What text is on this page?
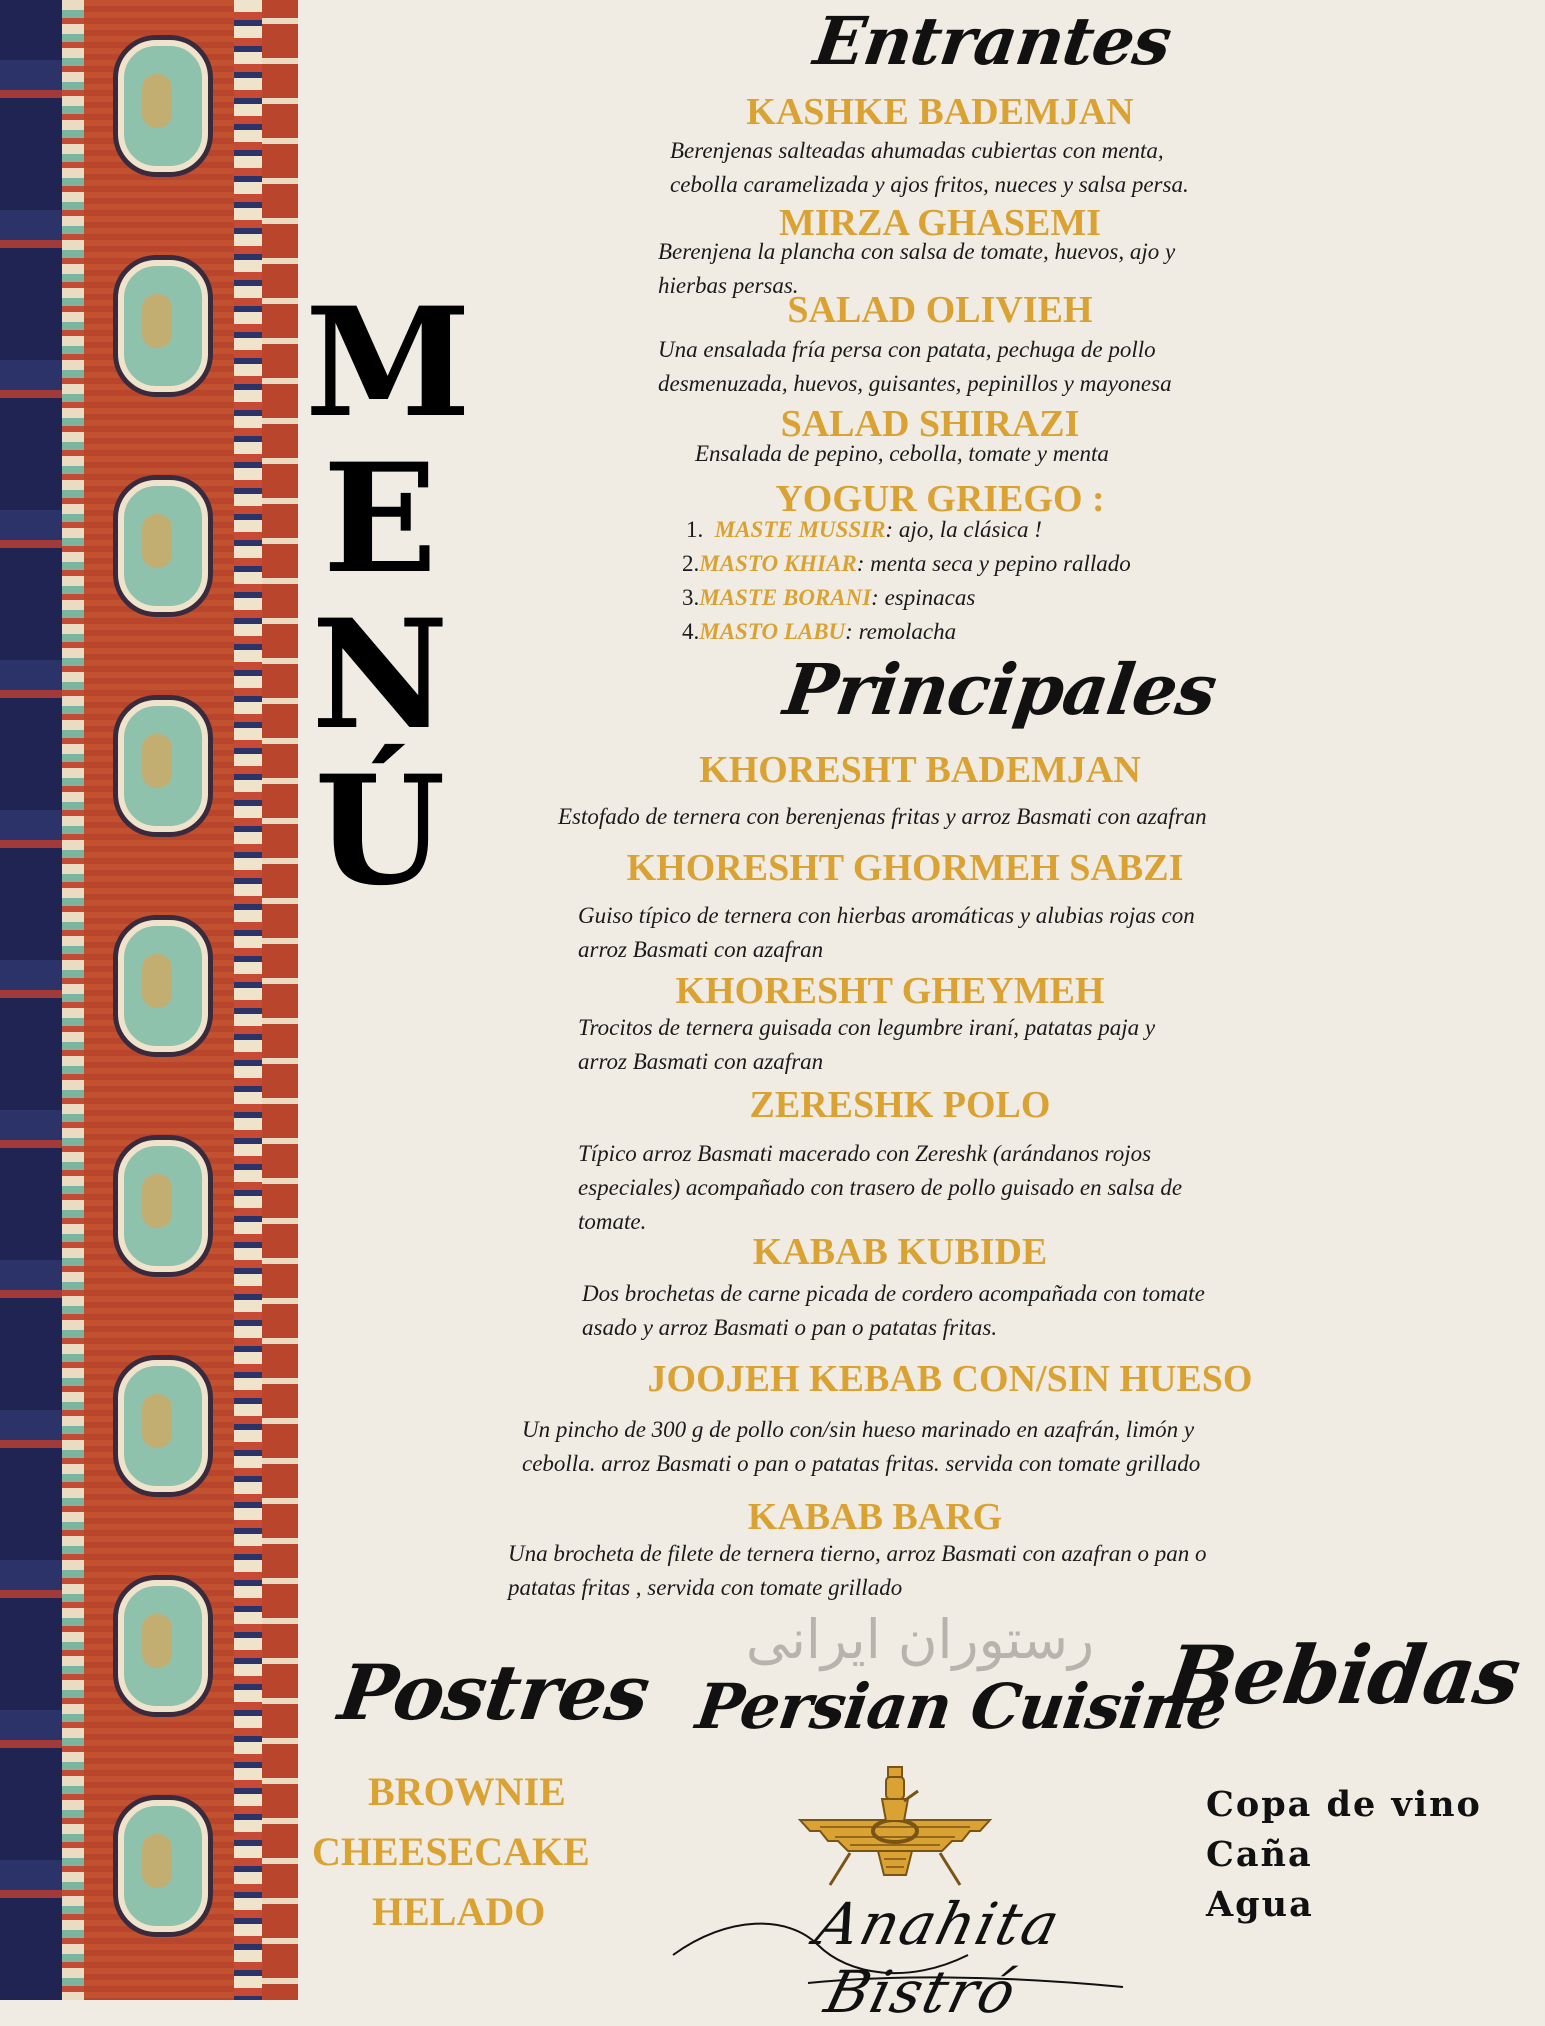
M
E
N
Ú
Entrantes
KASHKE BADEMJAN
Berenjenas salteadas ahumadas cubiertas con menta,
cebolla caramelizada y ajos fritos, nueces y salsa persa.
MIRZA GHASEMI
Berenjena la plancha con salsa de tomate, huevos, ajo y
hierbas persas.
SALAD OLIVIEH
Una ensalada fría persa con patata, pechuga de pollo
desmenuzada, huevos, guisantes, pepinillos y mayonesa
SALAD SHIRAZI
Ensalada de pepino, cebolla, tomate y menta
YOGUR GRIEGO :
1. MASTE MUSSIR: ajo, la clásica !
2.MASTO KHIAR: menta seca y pepino rallado
3.MASTE BORANI: espinacas
4.MASTO LABU: remolacha
Principales
KHORESHT BADEMJAN
Estofado de ternera con berenjenas fritas y arroz Basmati con azafran
KHORESHT GHORMEH SABZI
Guiso típico de ternera con hierbas aromáticas y alubias rojas con
arroz Basmati con azafran
KHORESHT GHEYMEH
Trocitos de ternera guisada con legumbre iraní, patatas paja y
arroz Basmati con azafran
ZERESHK POLO
Típico arroz Basmati macerado con Zereshk (arándanos rojos
especiales) acompañado con trasero de pollo guisado en salsa de
tomate.
KABAB KUBIDE
Dos brochetas de carne picada de cordero acompañada con tomate
asado y arroz Basmati o pan o patatas fritas.
JOOJEH KEBAB CON/SIN HUESO
Un pincho de 300 g de pollo con/sin hueso marinado en azafrán, limón y
cebolla. arroz Basmati o pan o patatas fritas. servida con tomate grillado
KABAB BARG
Una brocheta de filete de ternera tierno, arroz Basmati con azafran o pan o
patatas fritas , servida con tomate grillado
Postres
BROWNIE
CHEESECAKE
HELADO
رستوران ایرانی
Persian Cuisine
Anahita Bistró
Bebidas
Copa de vino
Caña
Agua
